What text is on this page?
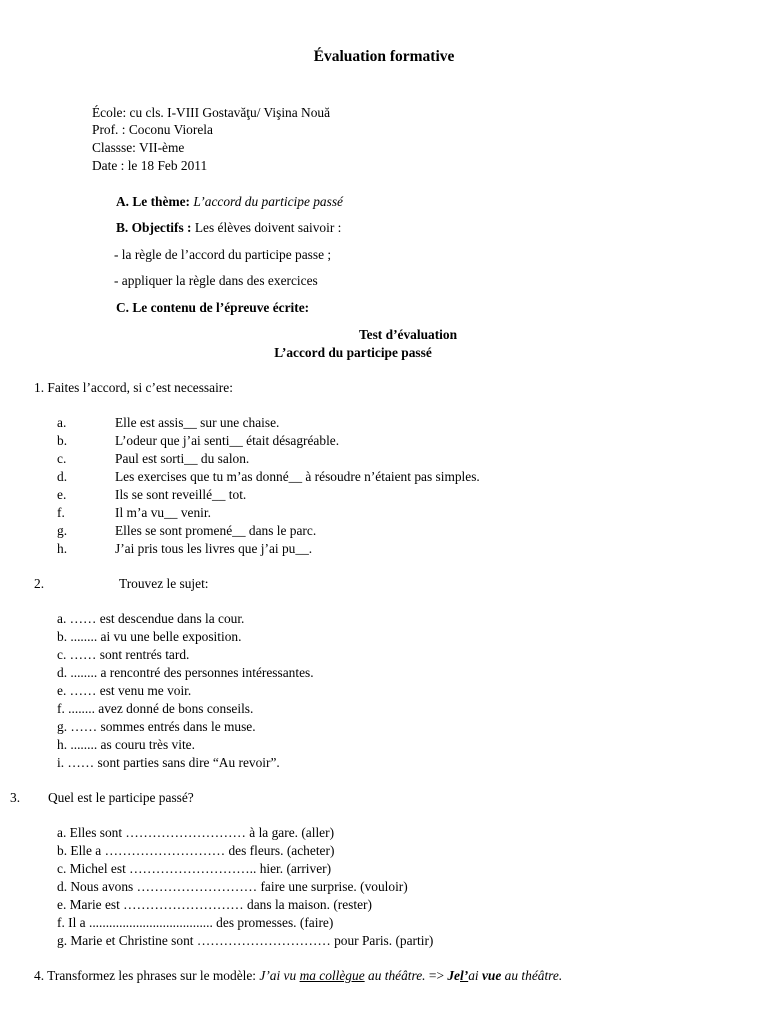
Évaluation formative
École: cu cls. I-VIII Gostavăţu/ Vişina Nouă
Prof. : Coconu Viorela
Classse: VII-ème
Date : le 18 Feb 2011
A. Le thème: L’accord du participe passé
B. Objectifs : Les élèves doivent saivoir :
- la règle de l’accord du participe passe ;
- appliquer la règle dans des exercices
C. Le contenu de l’épreuve écrite:
Test d’évaluation
L’accord du participe passé
1. Faites l’accord, si c’est necessaire:
a.	Elle est assis__ sur une chaise.
b.	L’odeur que j’ai senti__ était désagréable.
c.	Paul est sorti__ du salon.
d.	Les exercises que tu m’as donné__ à résoudre n’étaient pas simples.
e.	Ils se sont reveillé__ tot.
f.	Il m’a vu__ venir.
g.	Elles se sont promené__ dans le parc.
h.	J’ai pris tous les livres que j’ai pu__.
2.	Trouvez le sujet:
a. …… est descendue dans la cour.
b. ........ ai vu une belle exposition.
c. …… sont rentrés tard.
d. ........ a rencontré des personnes intéressantes.
e. …… est venu me voir.
f. ........ avez donné de bons conseils.
g. …… sommes entrés dans le muse.
h. ........ as couru très vite.
i. …… sont parties sans dire “Au revoir”.
3. Quel est le participe passé?
a. Elles sont ……………………… à la gare. (aller)
b. Elle a ……………………… des fleurs. (acheter)
c. Michel est ……………………….. hier. (arriver)
d. Nous avons ……………………… faire une surprise. (vouloir)
e. Marie est ……………………… dans la maison. (rester)
f. Il a ..................................... des promesses. (faire)
g. Marie et Christine sont ………………………… pour Paris. (partir)
4. Transformez les phrases sur le modèle: J’ai vu ma collègue au théâtre. => Jel’ai vue au théâtre.
